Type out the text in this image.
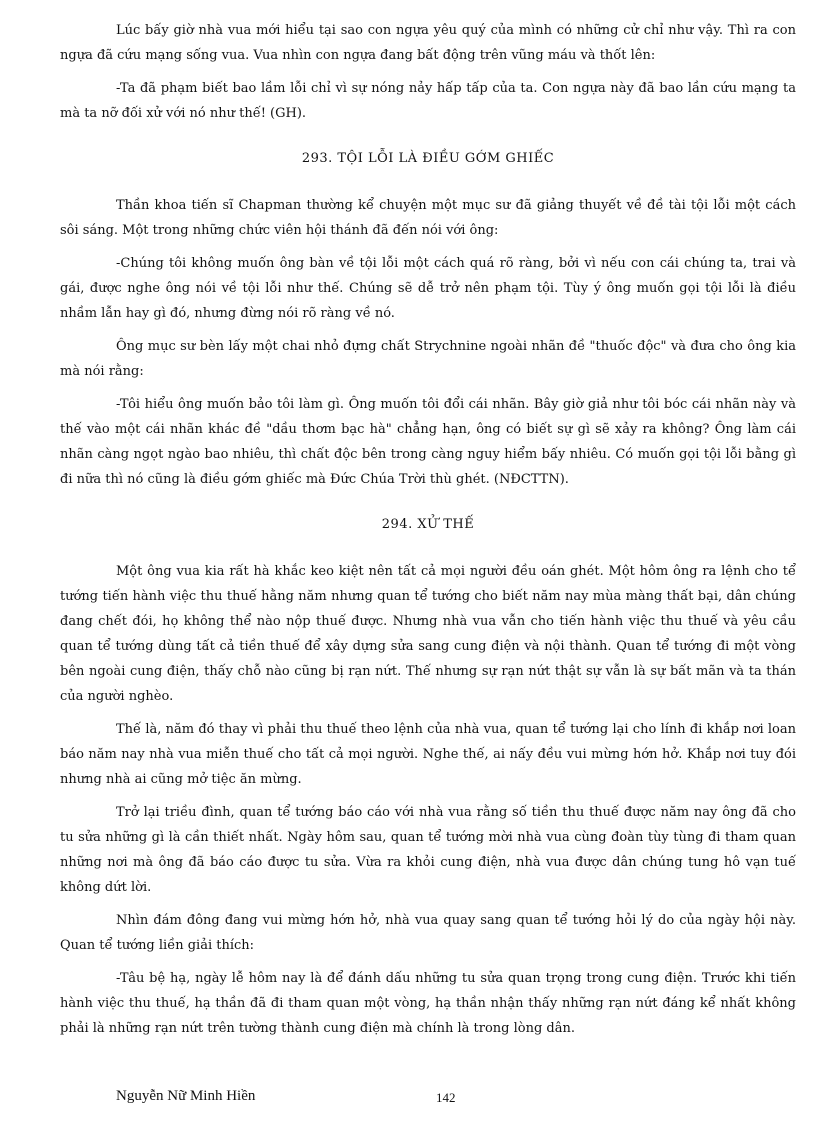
Lúc bấy giờ nhà vua mới hiểu tại sao con ngựa yêu quý của mình có những cử chỉ như vậy. Thì ra con ngựa đã cứu mạng sống vua. Vua nhìn con ngựa đang bất động trên vũng máu và thốt lên:

-Ta đã phạm biết bao lầm lỗi chỉ vì sự nóng nảy hấp tấp của ta. Con ngựa này đã bao lần cứu mạng ta mà ta nỡ đối xử với nó như thế! (GH).

293. TỘI LỖI LÀ ĐIỀU GỚM GHIẾC

Thần khoa tiến sĩ Chapman thường kể chuyện một mục sư đã giảng thuyết về đề tài tội lỗi một cách sôi sáng. Một trong những chức viên hội thánh đã đến nói với ông:

-Chúng tôi không muốn ông bàn về tội lỗi một cách quá rõ ràng, bởi vì nếu con cái chúng ta, trai và gái, được nghe ông nói về tội lỗi như thế. Chúng sẽ dễ trở nên phạm tội. Tùy ý ông muốn gọi tội lỗi là điều nhầm lẫn hay gì đó, nhưng đừng nói rõ ràng về nó.

Ông mục sư bèn lấy một chai nhỏ đựng chất Strychnine ngoài nhãn đề "thuốc độc" và đưa cho ông kia mà nói rằng:

-Tôi hiểu ông muốn bảo tôi làm gì. Ông muốn tôi đổi cái nhãn. Bây giờ giả như tôi bóc cái nhãn này và thế vào một cái nhãn khác đề "dầu thơm bạc hà" chẳng hạn, ông có biết sự gì sẽ xảy ra không? Ông làm cái nhãn càng ngọt ngào bao nhiêu, thì chất độc bên trong càng nguy hiểm bấy nhiêu. Có muốn gọi tội lỗi bằng gì đi nữa thì nó cũng là điều gớm ghiếc mà Đức Chúa Trời thù ghét. (NĐCTTN).

294. XỬ THẾ

Một ông vua kia rất hà khắc keo kiệt nên tất cả mọi người đều oán ghét. Một hôm ông ra lệnh cho tể tướng tiến hành việc thu thuế hằng năm nhưng quan tể tướng cho biết năm nay mùa màng thất bại, dân chúng đang chết đói, họ không thể nào nộp thuế được. Nhưng nhà vua vẫn cho tiến hành việc thu thuế và yêu cầu quan tể tướng dùng tất cả tiền thuế để xây dựng sửa sang cung điện và nội thành. Quan tể tướng đi một vòng bên ngoài cung điện, thấy chỗ nào cũng bị rạn nứt. Thế nhưng sự rạn nứt thật sự vẫn là sự bất mãn và ta thán của người nghèo.

Thế là, năm đó thay vì phải thu thuế theo lệnh của nhà vua, quan tể tướng lại cho lính đi khắp nơi loan báo năm nay nhà vua miễn thuế cho tất cả mọi người. Nghe thế, ai nấy đều vui mừng hớn hở. Khắp nơi tuy đói nhưng nhà ai cũng mở tiệc ăn mừng.

Trở lại triều đình, quan tể tướng báo cáo với nhà vua rằng số tiền thu thuế được năm nay ông đã cho tu sửa những gì là cần thiết nhất. Ngày hôm sau, quan tể tướng mời nhà vua cùng đoàn tùy tùng đi tham quan những nơi mà ông đã báo cáo được tu sửa. Vừa ra khỏi cung điện, nhà vua được dân chúng tung hô vạn tuế không dứt lời.

Nhìn đám đông đang vui mừng hớn hở, nhà vua quay sang quan tể tướng hỏi lý do của ngày hội này. Quan tể tướng liền giải thích:

-Tâu bệ hạ, ngày lễ hôm nay là để đánh dấu những tu sửa quan trọng trong cung điện. Trước khi tiến hành việc thu thuế, hạ thần đã đi tham quan một vòng, hạ thần nhận thấy những rạn nứt đáng kể nhất không phải là những rạn nứt trên tường thành cung điện mà chính là trong lòng dân.

Nguyễn Nữ Minh Hiền	142
